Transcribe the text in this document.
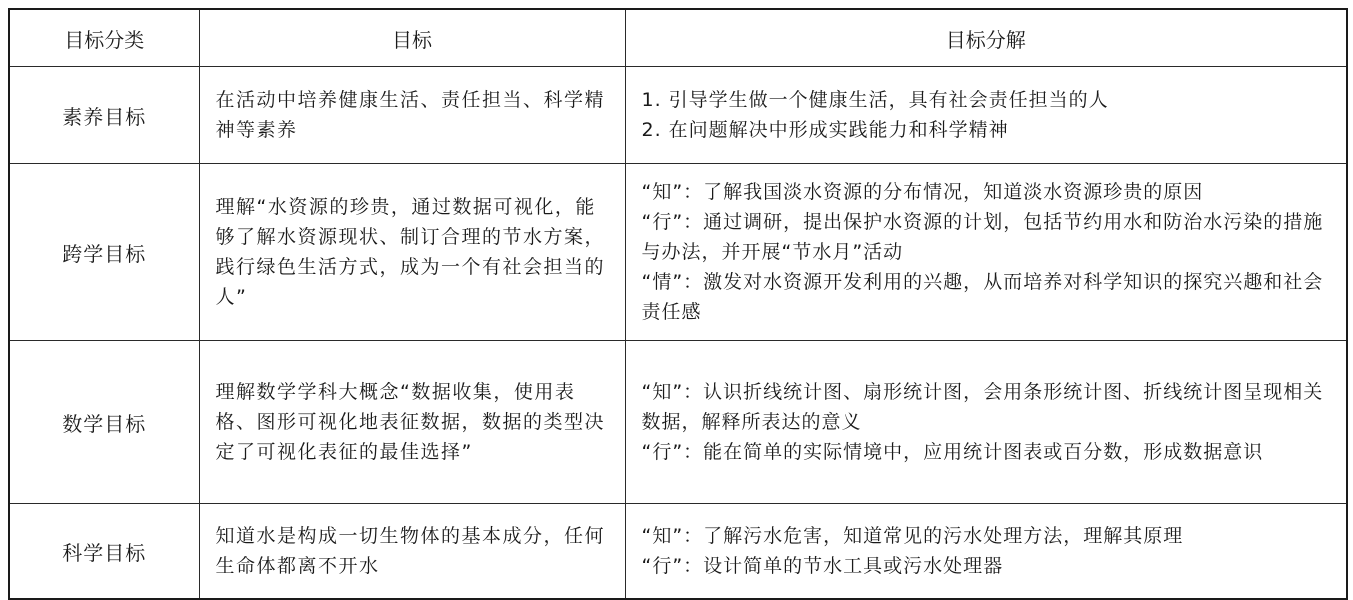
目标分类	目标	目标分解
素养目标	在活动中培养健康生活、责任担当、科学精神等素养	1. 引导学生做一个健康生活，具有社会责任担当的人
2. 在问题解决中形成实践能力和科学精神

跨学目标	理解“水资源的珍贵，通过数据可视化，能够了解水资源现状、制订合理的节水方案，践行绿色生活方式，成为一个有社会担当的人”	“知”：了解我国淡水资源的分布情况，知道淡水资源珍贵的原因
“行”：通过调研，提出保护水资源的计划，包括节约用水和防治水污染的措施与办法，并开展“节水月”活动
“情”：激发对水资源开发利用的兴趣，从而培养对科学知识的探究兴趣和社会责任感

数学目标	理解数学学科大概念“数据收集，使用表格、图形可视化地表征数据，数据的类型决定了可视化表征的最佳选择”	“知”：认识折线统计图、扇形统计图，会用条形统计图、折线统计图呈现相关数据，解释所表达的意义
“行”：能在简单的实际情境中，应用统计图表或百分数，形成数据意识

科学目标	知道水是构成一切生物体的基本成分，任何生命体都离不开水	“知”：了解污水危害，知道常见的污水处理方法，理解其原理
“行”：设计简单的节水工具或污水处理器
